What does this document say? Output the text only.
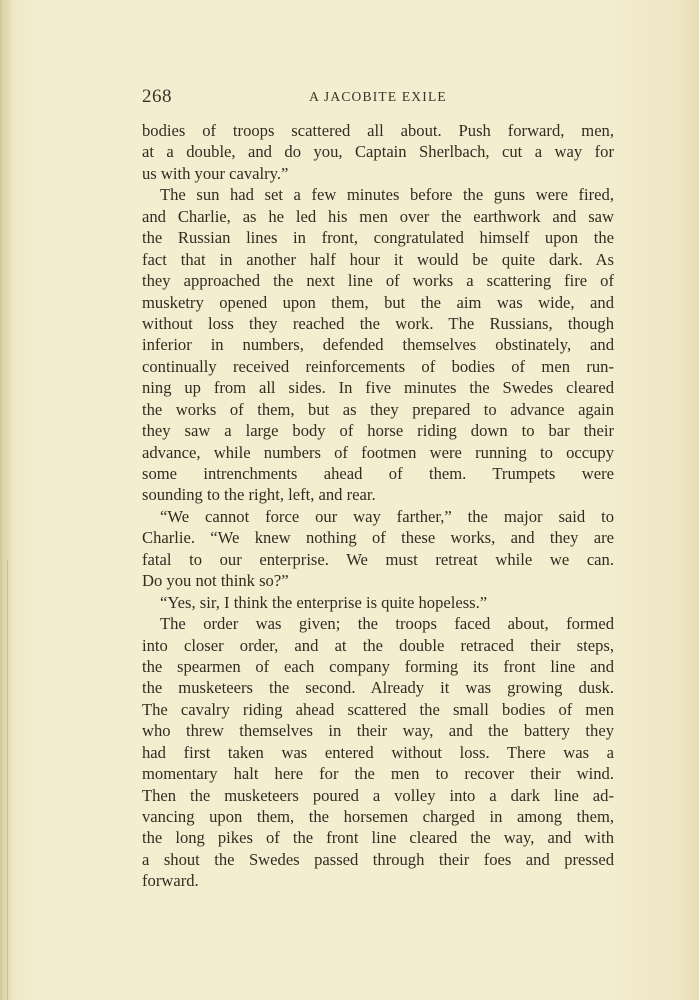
268	A JACOBITE EXILE
bodies of troops scattered all about. Push forward, men,
at a double, and do you, Captain Sherlbach, cut a way for
us with your cavalry.”
The sun had set a few minutes before the guns were fired,
and Charlie, as he led his men over the earthwork and saw
the Russian lines in front, congratulated himself upon the
fact that in another half hour it would be quite dark. As
they approached the next line of works a scattering fire of
musketry opened upon them, but the aim was wide, and
without loss they reached the work. The Russians, though
inferior in numbers, defended themselves obstinately, and
continually received reinforcements of bodies of men run-
ning up from all sides. In five minutes the Swedes cleared
the works of them, but as they prepared to advance again
they saw a large body of horse riding down to bar their
advance, while numbers of footmen were running to occupy
some intrenchments ahead of them. Trumpets were
sounding to the right, left, and rear.
“We cannot force our way farther,” the major said to
Charlie. “We knew nothing of these works, and they are
fatal to our enterprise. We must retreat while we can.
Do you not think so?”
“Yes, sir, I think the enterprise is quite hopeless.”
The order was given; the troops faced about, formed
into closer order, and at the double retraced their steps,
the spearmen of each company forming its front line and
the musketeers the second. Already it was growing dusk.
The cavalry riding ahead scattered the small bodies of men
who threw themselves in their way, and the battery they
had first taken was entered without loss. There was a
momentary halt here for the men to recover their wind.
Then the musketeers poured a volley into a dark line ad-
vancing upon them, the horsemen charged in among them,
the long pikes of the front line cleared the way, and with
a shout the Swedes passed through their foes and pressed
forward.
